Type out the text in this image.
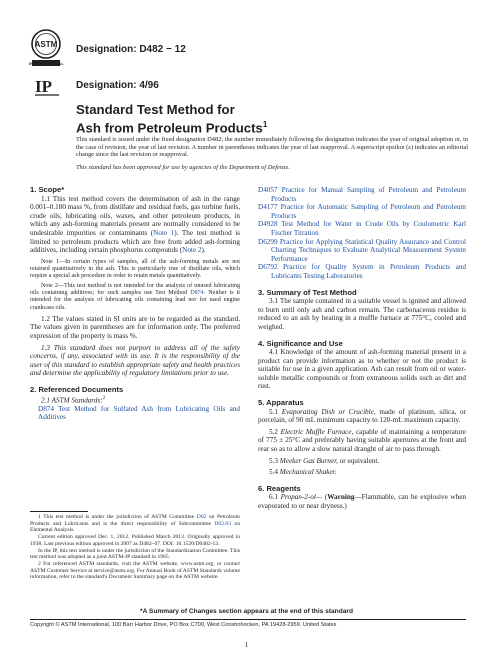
ASTM
INTERNATIONAL
IP
Designation: D482 − 12
Designation: 4/96
Standard Test Method for
Ash from Petroleum Products$^1$
This standard is issued under the fixed designation D482; the number immediately following the designation indicates the year of original adoption or, in the case of revision, the year of last revision. A number in parentheses indicates the year of last reapproval. A superscript epsilon (ε) indicates an editorial change since the last revision or reapproval.
This standard has been approved for use by agencies of the Department of Defense.

1. Scope*

1.1 This test method covers the determination of ash in the range 0.001–0.180 mass %, from distillate and residual fuels, gas turbine fuels, crude oils, lubricating oils, waxes, and other petroleum products, in which any ash-forming materials present are normally considered to be undesirable impurities or contaminants (Note 1). The test method is limited to petroleum products which are free from added ash-forming additives, including certain phosphorus compounds (Note 2).

Note 1—In certain types of samples, all of the ash-forming metals are not retained quantitatively in the ash. This is particularly true of distillate oils, which require a special ash procedure in order to retain metals quantitatively.

Note 2—This test method is not intended for the analysis of unused lubricating oils containing additives; for such samples use Test Method D874. Neither is it intended for the analysis of lubricating oils containing lead nor for used engine crankcase oils.

1.2 The values stated in SI units are to be regarded as the standard. The values given in parentheses are for information only. The preferred expression of the property is mass %.

1.3 This standard does not purport to address all of the safety concerns, if any, associated with its use. It is the responsibility of the user of this standard to establish appropriate safety and health practices and determine the applicability of regulatory limitations prior to use.

2. Referenced Documents

2.1 ASTM Standards:$^2$

D874 Test Method for Sulfated Ash from Lubricating Oils and Additives

1 This test method is under the jurisdiction of ASTM Committee D02 on Petroleum Products and Lubricants and is the direct responsibility of Subcommittee D02.03 on Elemental Analysis.

Current edition approved Dec. 1, 2012. Published March 2013. Originally approved in 1938. Last previous edition approved in 2007 as D482–07. DOI: 10.1520/D0482-12.

In the IP, this test method is under the jurisdiction of the Standardization Committee. This test method was adopted as a joint ASTM-IP standard in 1965.

2 For referenced ASTM standards, visit the ASTM website, www.astm.org, or contact ASTM Customer Service at service@astm.org. For Annual Book of ASTM Standards volume information, refer to the standard's Document Summary page on the ASTM website.

D4057 Practice for Manual Sampling of Petroleum and Petroleum Products

D4177 Practice for Automatic Sampling of Petroleum and Petroleum Products

D4928 Test Method for Water in Crude Oils by Coulometric Karl Fischer Titration

D6299 Practice for Applying Statistical Quality Assurance and Control Charting Techniques to Evaluate Analytical Measurement System Performance

D6792 Practice for Quality System in Petroleum Products and Lubricants Testing Laboratories

3. Summary of Test Method

3.1 The sample contained in a suitable vessel is ignited and allowed to burn until only ash and carbon remain. The carbonaceous residue is reduced to an ash by heating in a muffle furnace at 775°C, cooled and weighed.

4. Significance and Use

4.1 Knowledge of the amount of ash-forming material present in a product can provide information as to whether or not the product is suitable for use in a given application. Ash can result from oil or water-soluble metallic compounds or from extraneous solids such as dirt and rust.

5. Apparatus

5.1 Evaporating Dish or Crucible, made of platinum, silica, or porcelain, of 90 mL minimum capacity to 120-mL maximum capacity.

5.2 Electric Muffle Furnace, capable of maintaining a temperature of 775 ± 25°C and preferably having suitable apertures at the front and rear so as to allow a slow natural draught of air to pass through.

5.3 Meeker Gas Burner, or equivalent.

5.4 Mechanical Shaker.

6. Reagents

6.1 Propan-2-ol— (Warning—Flammable, can be explosive when evaporated to or near dryness.)

*A Summary of Changes section appears at the end of this standard
Copyright © ASTM International, 100 Barr Harbor Drive, PO Box C700, West Conshohocken, PA 19428-2959. United States
1
